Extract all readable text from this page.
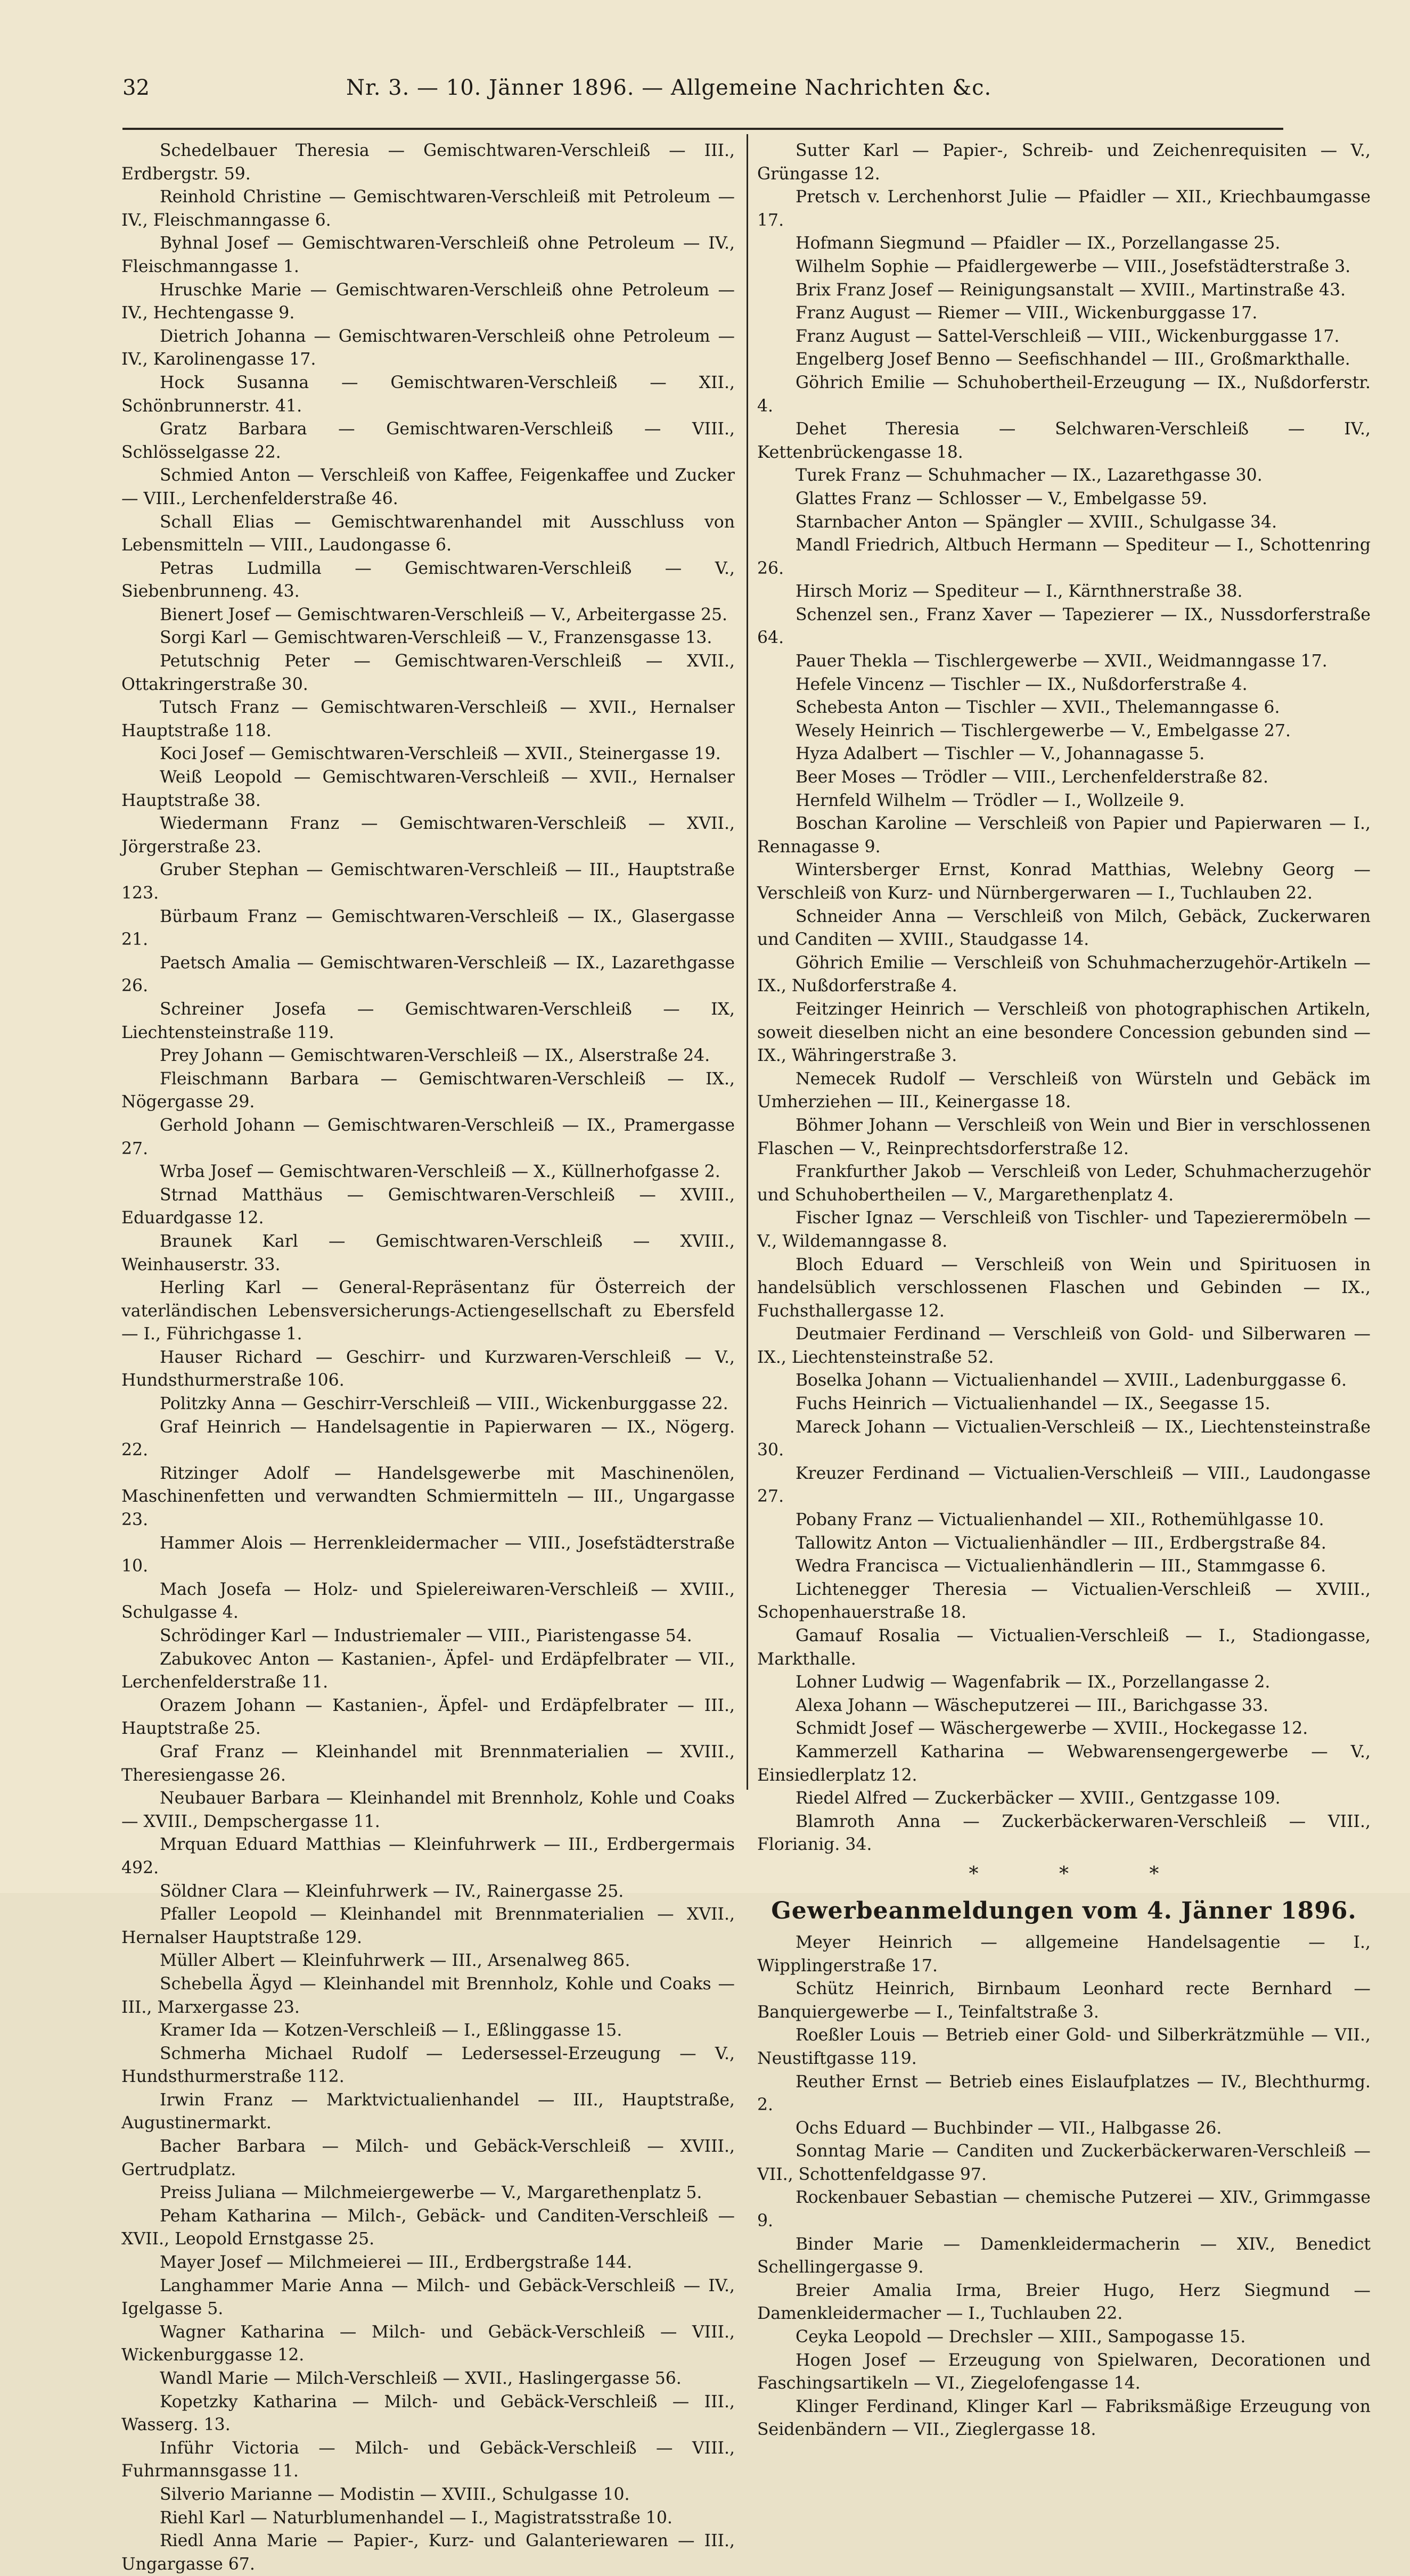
32	Nr. 3. — 10. Jänner 1896. — Allgemeine Nachrichten &c.

Schedelbauer Theresia — Gemischtwaren-Verschleiß — III., Erdbergstr. 59.

Reinhold Christine — Gemischtwaren-Verschleiß mit Petroleum — IV., Fleischmanngasse 6.

Byhnal Josef — Gemischtwaren-Verschleiß ohne Petroleum — IV., Fleischmanngasse 1.

Hruschke Marie — Gemischtwaren-Verschleiß ohne Petroleum — IV., Hechtengasse 9.

Dietrich Johanna — Gemischtwaren-Verschleiß ohne Petroleum — IV., Karolinengasse 17.

Hock Susanna — Gemischtwaren-Verschleiß — XII., Schönbrunnerstr. 41.

Gratz Barbara — Gemischtwaren-Verschleiß — VIII., Schlösselgasse 22.

Schmied Anton — Verschleiß von Kaffee, Feigenkaffee und Zucker — VIII., Lerchenfelderstraße 46.

Schall Elias — Gemischtwarenhandel mit Ausschluss von Lebensmitteln — VIII., Laudongasse 6.

Petras Ludmilla — Gemischtwaren-Verschleiß — V., Siebenbrunneng. 43.

Bienert Josef — Gemischtwaren-Verschleiß — V., Arbeitergasse 25.

Sorgi Karl — Gemischtwaren-Verschleiß — V., Franzensgasse 13.

Petutschnig Peter — Gemischtwaren-Verschleiß — XVII., Ottakringerstraße 30.

Tutsch Franz — Gemischtwaren-Verschleiß — XVII., Hernalser Hauptstraße 118.

Koci Josef — Gemischtwaren-Verschleiß — XVII., Steinergasse 19.

Weiß Leopold — Gemischtwaren-Verschleiß — XVII., Hernalser Hauptstraße 38.

Wiedermann Franz — Gemischtwaren-Verschleiß — XVII., Jörgerstraße 23.

Gruber Stephan — Gemischtwaren-Verschleiß — III., Hauptstraße 123.

Bürbaum Franz — Gemischtwaren-Verschleiß — IX., Glasergasse 21.

Paetsch Amalia — Gemischtwaren-Verschleiß — IX., Lazarethgasse 26.

Schreiner Josefa — Gemischtwaren-Verschleiß — IX, Liechtensteinstraße 119.

Prey Johann — Gemischtwaren-Verschleiß — IX., Alserstraße 24.

Fleischmann Barbara — Gemischtwaren-Verschleiß — IX., Nögergasse 29.

Gerhold Johann — Gemischtwaren-Verschleiß — IX., Pramergasse 27.

Wrba Josef — Gemischtwaren-Verschleiß — X., Küllnerhofgasse 2.

Strnad Matthäus — Gemischtwaren-Verschleiß — XVIII., Eduardgasse 12.

Braunek Karl — Gemischtwaren-Verschleiß — XVIII., Weinhauserstr. 33.

Herling Karl — General-Repräsentanz für Österreich der vaterländischen Lebensversicherungs-Actiengesellschaft zu Ebersfeld — I., Führichgasse 1.

Hauser Richard — Geschirr- und Kurzwaren-Verschleiß — V., Hundsthurmerstraße 106.

Politzky Anna — Geschirr-Verschleiß — VIII., Wickenburggasse 22.

Graf Heinrich — Handelsagentie in Papierwaren — IX., Nögerg. 22.

Ritzinger Adolf — Handelsgewerbe mit Maschinenölen, Maschinenfetten und verwandten Schmiermitteln — III., Ungargasse 23.

Hammer Alois — Herrenkleidermacher — VIII., Josefstädterstraße 10.

Mach Josefa — Holz- und Spielereiwaren-Verschleiß — XVIII., Schulgasse 4.

Schrödinger Karl — Industriemaler — VIII., Piaristengasse 54.

Zabukovec Anton — Kastanien-, Äpfel- und Erdäpfelbrater — VII., Lerchenfelderstraße 11.

Orazem Johann — Kastanien-, Äpfel- und Erdäpfelbrater — III., Hauptstraße 25.

Graf Franz — Kleinhandel mit Brennmaterialien — XVIII., Theresiengasse 26.

Neubauer Barbara — Kleinhandel mit Brennholz, Kohle und Coaks — XVIII., Dempschergasse 11.

Mrquan Eduard Matthias — Kleinfuhrwerk — III., Erdbergermais 492.

Söldner Clara — Kleinfuhrwerk — IV., Rainergasse 25.

Pfaller Leopold — Kleinhandel mit Brennmaterialien — XVII., Hernalser Hauptstraße 129.

Müller Albert — Kleinfuhrwerk — III., Arsenalweg 865.

Schebella Ägyd — Kleinhandel mit Brennholz, Kohle und Coaks — III., Marxergasse 23.

Kramer Ida — Kotzen-Verschleiß — I., Eßlinggasse 15.

Schmerha Michael Rudolf — Ledersessel-Erzeugung — V., Hundsthurmerstraße 112.

Irwin Franz — Marktvictualienhandel — III., Hauptstraße, Augustinermarkt.

Bacher Barbara — Milch- und Gebäck-Verschleiß — XVIII., Gertrudplatz.

Preiss Juliana — Milchmeiergewerbe — V., Margarethenplatz 5.

Peham Katharina — Milch-, Gebäck- und Canditen-Verschleiß — XVII., Leopold Ernstgasse 25.

Mayer Josef — Milchmeierei — III., Erdbergstraße 144.

Langhammer Marie Anna — Milch- und Gebäck-Verschleiß — IV., Igelgasse 5.

Wagner Katharina — Milch- und Gebäck-Verschleiß — VIII., Wickenburggasse 12.

Wandl Marie — Milch-Verschleiß — XVII., Haslingergasse 56.

Kopetzky Katharina — Milch- und Gebäck-Verschleiß — III., Wasserg. 13.

Inführ Victoria — Milch- und Gebäck-Verschleiß — VIII., Fuhrmannsgasse 11.

Silverio Marianne — Modistin — XVIII., Schulgasse 10.

Riehl Karl — Naturblumenhandel — I., Magistratsstraße 10.

Riedl Anna Marie — Papier-, Kurz- und Galanteriewaren — III., Ungargasse 67.

Sutter Karl — Papier-, Schreib- und Zeichenrequisiten — V., Grüngasse 12.

Pretsch v. Lerchenhorst Julie — Pfaidler — XII., Kriechbaumgasse 17.

Hofmann Siegmund — Pfaidler — IX., Porzellangasse 25.

Wilhelm Sophie — Pfaidlergewerbe — VIII., Josefstädterstraße 3.

Brix Franz Josef — Reinigungsanstalt — XVIII., Martinstraße 43.

Franz August — Riemer — VIII., Wickenburggasse 17.

Franz August — Sattel-Verschleiß — VIII., Wickenburggasse 17.

Engelberg Josef Benno — Seefischhandel — III., Großmarkthalle.

Göhrich Emilie — Schuhobertheil-Erzeugung — IX., Nußdorferstr. 4.

Dehet Theresia — Selchwaren-Verschleiß — IV., Kettenbrückengasse 18.

Turek Franz — Schuhmacher — IX., Lazarethgasse 30.

Glattes Franz — Schlosser — V., Embelgasse 59.

Starnbacher Anton — Spängler — XVIII., Schulgasse 34.

Mandl Friedrich, Altbuch Hermann — Spediteur — I., Schottenring 26.

Hirsch Moriz — Spediteur — I., Kärnthnerstraße 38.

Schenzel sen., Franz Xaver — Tapezierer — IX., Nussdorferstraße 64.

Pauer Thekla — Tischlergewerbe — XVII., Weidmanngasse 17.

Hefele Vincenz — Tischler — IX., Nußdorferstraße 4.

Schebesta Anton — Tischler — XVII., Thelemanngasse 6.

Wesely Heinrich — Tischlergewerbe — V., Embelgasse 27.

Hyza Adalbert — Tischler — V., Johannagasse 5.

Beer Moses — Trödler — VIII., Lerchenfelderstraße 82.

Hernfeld Wilhelm — Trödler — I., Wollzeile 9.

Boschan Karoline — Verschleiß von Papier und Papierwaren — I., Rennagasse 9.

Wintersberger Ernst, Konrad Matthias, Welebny Georg — Verschleiß von Kurz- und Nürnbergerwaren — I., Tuchlauben 22.

Schneider Anna — Verschleiß von Milch, Gebäck, Zuckerwaren und Canditen — XVIII., Staudgasse 14.

Göhrich Emilie — Verschleiß von Schuhmacherzugehör-Artikeln — IX., Nußdorferstraße 4.

Feitzinger Heinrich — Verschleiß von photographischen Artikeln, soweit dieselben nicht an eine besondere Concession gebunden sind — IX., Währingerstraße 3.

Nemecek Rudolf — Verschleiß von Würsteln und Gebäck im Umherziehen — III., Keinergasse 18.

Böhmer Johann — Verschleiß von Wein und Bier in verschlossenen Flaschen — V., Reinprechtsdorferstraße 12.

Frankfurther Jakob — Verschleiß von Leder, Schuhmacherzugehör und Schuhobertheilen — V., Margarethenplatz 4.

Fischer Ignaz — Verschleiß von Tischler- und Tapezierermöbeln — V., Wildemanngasse 8.

Bloch Eduard — Verschleiß von Wein und Spirituosen in handelsüblich verschlossenen Flaschen und Gebinden — IX., Fuchsthallergasse 12.

Deutmaier Ferdinand — Verschleiß von Gold- und Silberwaren — IX., Liechtensteinstraße 52.

Boselka Johann — Victualienhandel — XVIII., Ladenburggasse 6.

Fuchs Heinrich — Victualienhandel — IX., Seegasse 15.

Mareck Johann — Victualien-Verschleiß — IX., Liechtensteinstraße 30.

Kreuzer Ferdinand — Victualien-Verschleiß — VIII., Laudongasse 27.

Pobany Franz — Victualienhandel — XII., Rothemühlgasse 10.

Tallowitz Anton — Victualienhändler — III., Erdbergstraße 84.

Wedra Francisca — Victualienhändlerin — III., Stammgasse 6.

Lichtenegger Theresia — Victualien-Verschleiß — XVIII., Schopenhauerstraße 18.

Gamauf Rosalia — Victualien-Verschleiß — I., Stadiongasse, Markthalle.

Lohner Ludwig — Wagenfabrik — IX., Porzellangasse 2.

Alexa Johann — Wäscheputzerei — III., Barichgasse 33.

Schmidt Josef — Wäschergewerbe — XVIII., Hockegasse 12.

Kammerzell Katharina — Webwarensengergewerbe — V., Einsiedlerplatz 12.

Riedel Alfred — Zuckerbäcker — XVIII., Gentzgasse 109.

Blamroth Anna — Zuckerbäckerwaren-Verschleiß — VIII., Florianig. 34.

* * *
Gewerbeanmeldungen vom 4. Jänner 1896.

Meyer Heinrich — allgemeine Handelsagentie — I., Wipplingerstraße 17.

Schütz Heinrich, Birnbaum Leonhard recte Bernhard — Banquiergewerbe — I., Teinfaltstraße 3.

Roeßler Louis — Betrieb einer Gold- und Silberkrätzmühle — VII., Neustiftgasse 119.

Reuther Ernst — Betrieb eines Eislaufplatzes — IV., Blechthurmg. 2.

Ochs Eduard — Buchbinder — VII., Halbgasse 26.

Sonntag Marie — Canditen und Zuckerbäckerwaren-Verschleiß — VII., Schottenfeldgasse 97.

Rockenbauer Sebastian — chemische Putzerei — XIV., Grimmgasse 9.

Binder Marie — Damenkleidermacherin — XIV., Benedict Schellingergasse 9.

Breier Amalia Irma, Breier Hugo, Herz Siegmund — Damenkleidermacher — I., Tuchlauben 22.

Ceyka Leopold — Drechsler — XIII., Sampogasse 15.

Hogen Josef — Erzeugung von Spielwaren, Decorationen und Faschingsartikeln — VI., Ziegelofengasse 14.

Klinger Ferdinand, Klinger Karl — Fabriksmäßige Erzeugung von Seidenbändern — VII., Zieglergasse 18.
